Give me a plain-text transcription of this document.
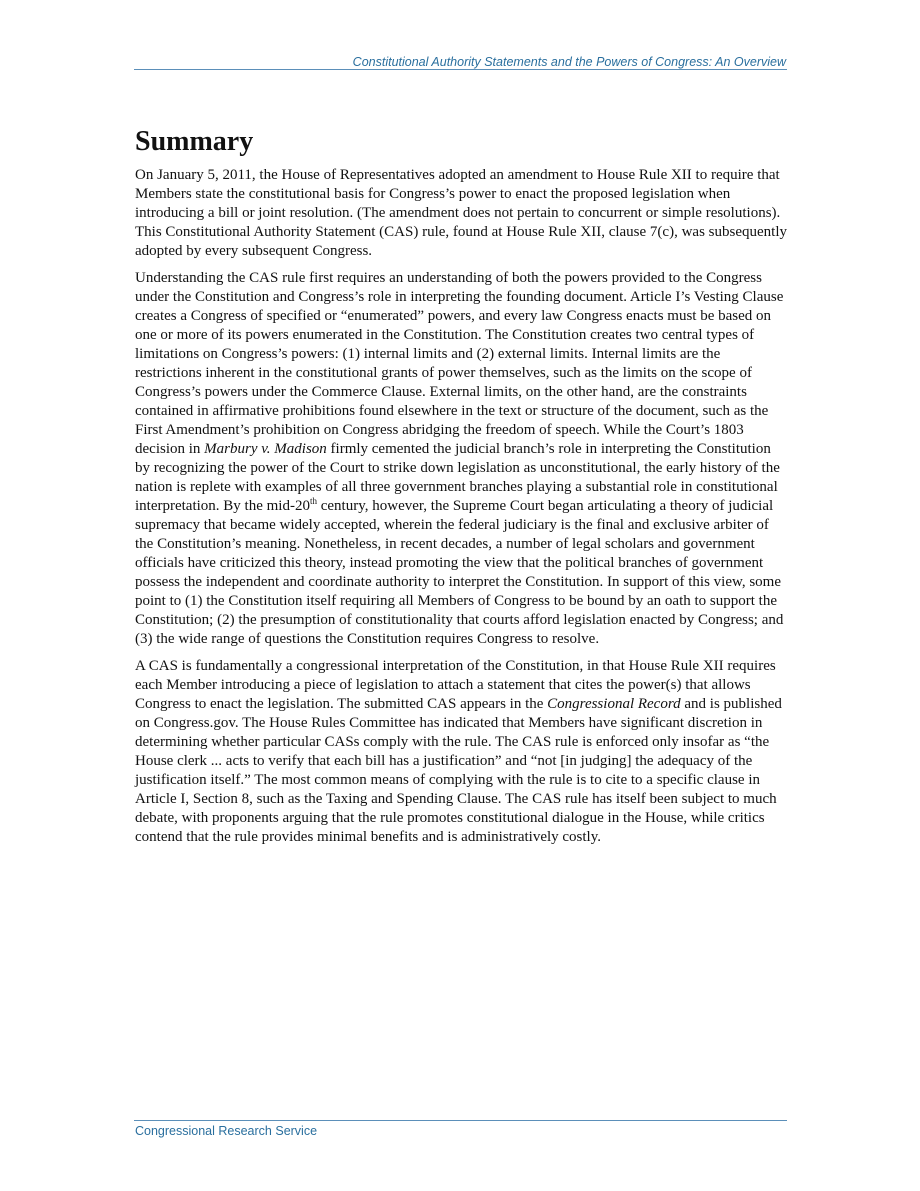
Constitutional Authority Statements and the Powers of Congress: An Overview
Summary

On January 5, 2011, the House of Representatives adopted an amendment to House Rule XII to require that Members state the constitutional basis for Congress’s power to enact the proposed legislation when introducing a bill or joint resolution. (The amendment does not pertain to concurrent or simple resolutions). This Constitutional Authority Statement (CAS) rule, found at House Rule XII, clause 7(c), was subsequently adopted by every subsequent Congress.

Understanding the CAS rule first requires an understanding of both the powers provided to the Congress under the Constitution and Congress’s role in interpreting the founding document. Article I’s Vesting Clause creates a Congress of specified or “enumerated” powers, and every law Congress enacts must be based on one or more of its powers enumerated in the Constitution. The Constitution creates two central types of limitations on Congress’s powers: (1) internal limits and (2) external limits. Internal limits are the restrictions inherent in the constitutional grants of power themselves, such as the limits on the scope of Congress’s powers under the Commerce Clause. External limits, on the other hand, are the constraints contained in affirmative prohibitions found elsewhere in the text or structure of the document, such as the First Amendment’s prohibition on Congress abridging the freedom of speech. While the Court’s 1803 decision in Marbury v. Madison firmly cemented the judicial branch’s role in interpreting the Constitution by recognizing the power of the Court to strike down legislation as unconstitutional, the early history of the nation is replete with examples of all three government branches playing a substantial role in constitutional interpretation. By the mid-20th century, however, the Supreme Court began articulating a theory of judicial supremacy that became widely accepted, wherein the federal judiciary is the final and exclusive arbiter of the Constitution’s meaning. Nonetheless, in recent decades, a number of legal scholars and government officials have criticized this theory, instead promoting the view that the political branches of government possess the independent and coordinate authority to interpret the Constitution. In support of this view, some point to (1) the Constitution itself requiring all Members of Congress to be bound by an oath to support the Constitution; (2) the presumption of constitutionality that courts afford legislation enacted by Congress; and (3) the wide range of questions the Constitution requires Congress to resolve.

A CAS is fundamentally a congressional interpretation of the Constitution, in that House Rule XII requires each Member introducing a piece of legislation to attach a statement that cites the power(s) that allows Congress to enact the legislation. The submitted CAS appears in the Congressional Record and is published on Congress.gov. The House Rules Committee has indicated that Members have significant discretion in determining whether particular CASs comply with the rule. The CAS rule is enforced only insofar as “the House clerk ... acts to verify that each bill has a justification” and “not [in judging] the adequacy of the justification itself.” The most common means of complying with the rule is to cite to a specific clause in Article I, Section 8, such as the Taxing and Spending Clause. The CAS rule has itself been subject to much debate, with proponents arguing that the rule promotes constitutional dialogue in the House, while critics contend that the rule provides minimal benefits and is administratively costly.

Congressional Research Service
